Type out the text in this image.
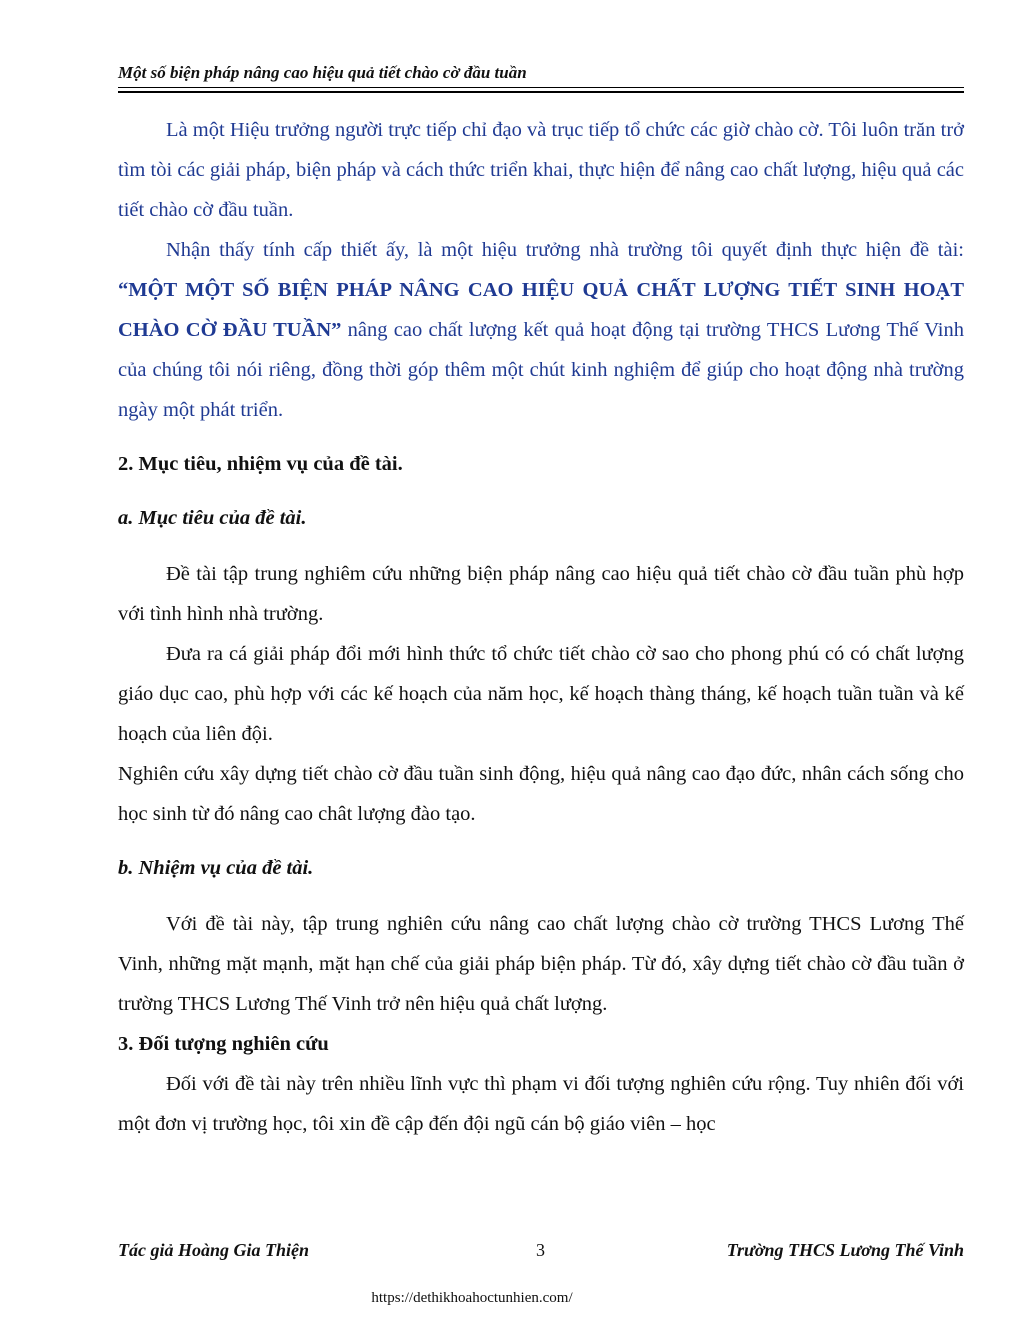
Một số biện pháp nâng cao hiệu quả tiết chào cờ đầu tuần

Là một Hiệu trưởng người trực tiếp chỉ đạo và trục tiếp tổ chức các giờ chào cờ. Tôi luôn trăn trở tìm tòi các giải pháp, biện pháp và cách thức triển khai, thực hiện để nâng cao chất lượng, hiệu quả các tiết chào cờ đầu tuần.

Nhận thấy tính cấp thiết ấy, là một hiệu trưởng nhà trường tôi quyết định thực hiện đề tài: “MỘT MỘT SỐ BIỆN PHÁP NÂNG CAO HIỆU QUẢ CHẤT LƯỢNG TIẾT SINH HOẠT CHÀO CỜ ĐẦU TUẦN” nâng cao chất lượng kết quả hoạt động tại trường THCS Lương Thế Vinh của chúng tôi nói riêng, đồng thời góp thêm một chút kinh nghiệm để giúp cho hoạt động nhà trường ngày một phát triển.

2. Mục tiêu, nhiệm vụ của đề tài.
a. Mục tiêu của đề tài.

Đề tài tập trung nghiêm cứu những biện pháp nâng cao hiệu quả tiết chào cờ đầu tuần phù hợp với tình hình nhà trường.

Đưa ra cá giải pháp đổi mới hình thức tổ chức tiết chào cờ sao cho phong phú có có chất lượng giáo dục cao, phù hợp với các kế hoạch của năm học, kế hoạch thàng tháng, kế hoạch tuần tuần và kế hoạch của liên đội.

Nghiên cứu xây dựng tiết chào cờ đầu tuần sinh động, hiệu quả nâng cao đạo đức, nhân cách sống cho học sinh từ đó nâng cao chât lượng đào tạo.

b. Nhiệm vụ của đề tài.

Với đề tài này, tập trung nghiên cứu nâng cao chất lượng chào cờ trường THCS Lương Thế Vinh, những mặt mạnh, mặt hạn chế của giải pháp biện pháp. Từ đó, xây dựng tiết chào cờ đầu tuần ở trường THCS Lương Thế Vinh trở nên hiệu quả chất lượng.

3. Đối tượng nghiên cứu

Đối với đề tài này trên nhiều lĩnh vực thì phạm vi đối tượng nghiên cứu rộng. Tuy nhiên đối với một đơn vị trường học, tôi xin đề cập đến đội ngũ cán bộ giáo viên – học

Tác giả Hoàng Gia Thiện	3	Trường THCS Lương Thế Vinh
https://dethikhoahoctunhien.com/
